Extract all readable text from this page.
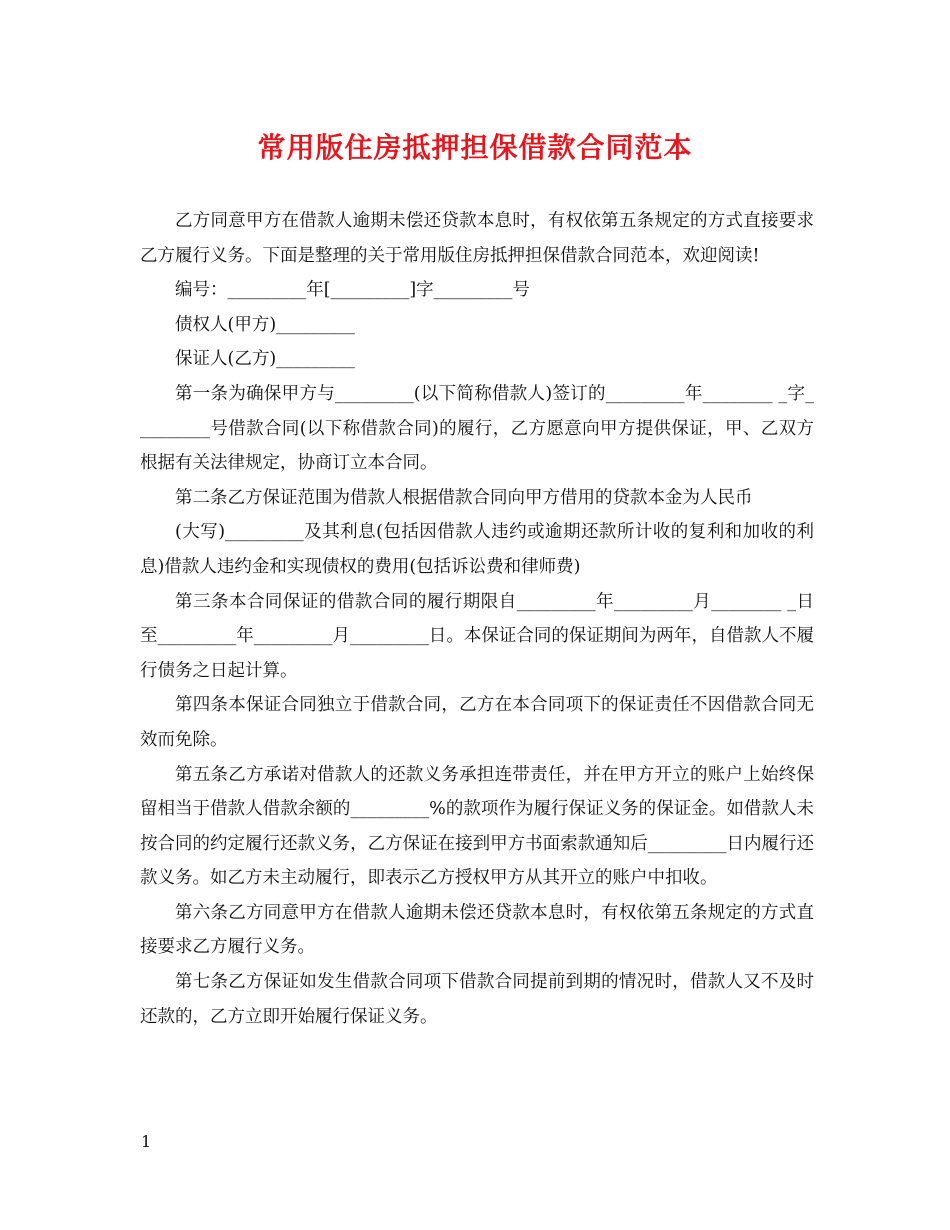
常用版住房抵押担保借款合同范本

乙方同意甲方在借款人逾期未偿还贷款本息时，有权依第五条规定的方式直接要求乙方履行义务。下面是整理的关于常用版住房抵押担保借款合同范本，欢迎阅读!

编号：_________年[_________]字_________号

债权人(甲方)_________

保证人(乙方)_________

第一条为确保甲方与_________(以下简称借款人)签订的_________年________ _字_________号借款合同(以下称借款合同)的履行，乙方愿意向甲方提供保证，甲、乙双方根据有关法律规定，协商订立本合同。

第二条乙方保证范围为借款人根据借款合同向甲方借用的贷款本金为人民币

(大写)_________及其利息(包括因借款人违约或逾期还款所计收的复利和加收的利息)借款人违约金和实现债权的费用(包括诉讼费和律师费)

第三条本合同保证的借款合同的履行期限自_________年_________月________ _日至_________年_________月_________日。本保证合同的保证期间为两年，自借款人不履行债务之日起计算。

第四条本保证合同独立于借款合同，乙方在本合同项下的保证责任不因借款合同无效而免除。

第五条乙方承诺对借款人的还款义务承担连带责任，并在甲方开立的账户上始终保留相当于借款人借款余额的_________%的款项作为履行保证义务的保证金。如借款人未按合同的约定履行还款义务，乙方保证在接到甲方书面索款通知后_________日内履行还款义务。如乙方未主动履行，即表示乙方授权甲方从其开立的账户中扣收。

第六条乙方同意甲方在借款人逾期未偿还贷款本息时，有权依第五条规定的方式直接要求乙方履行义务。

第七条乙方保证如发生借款合同项下借款合同提前到期的情况时，借款人又不及时还款的，乙方立即开始履行保证义务。

1
